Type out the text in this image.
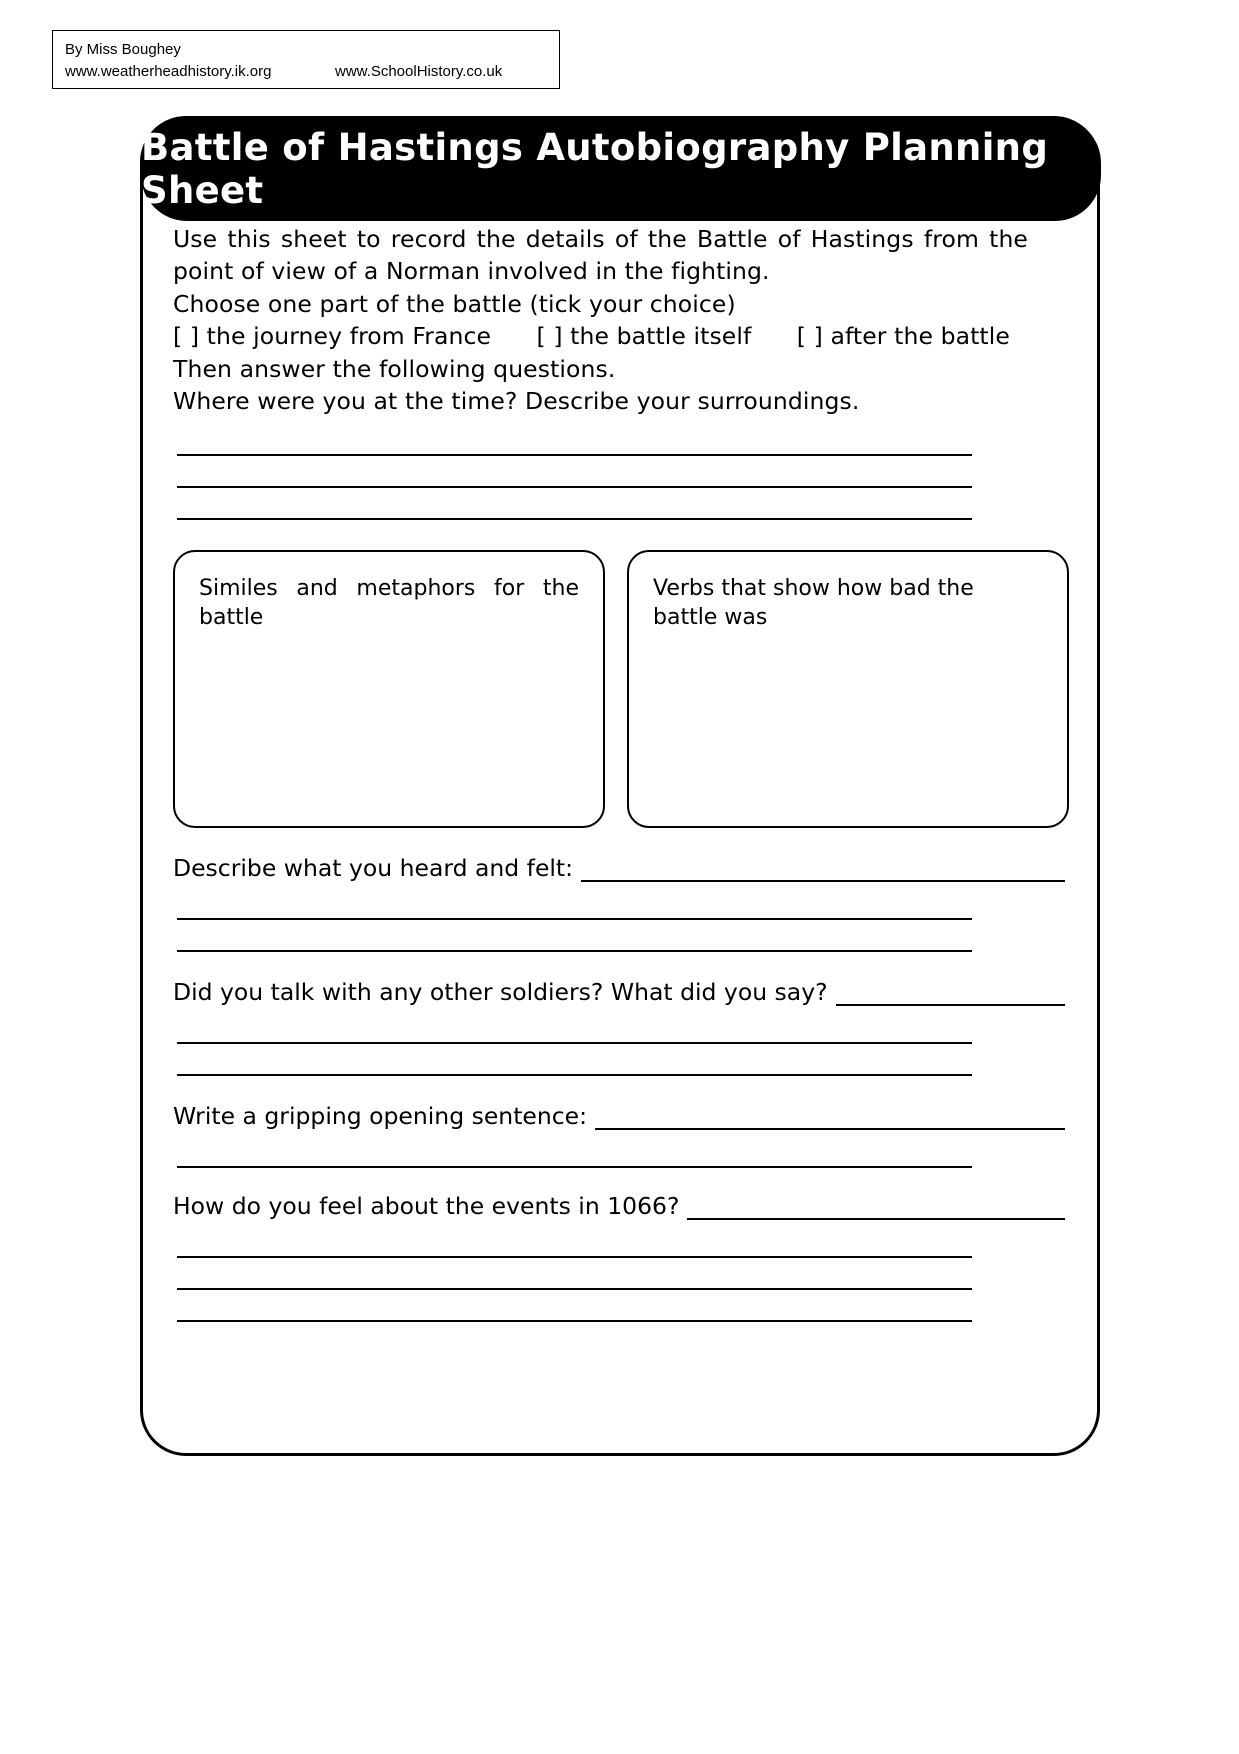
By Miss Boughey
www.weatherheadhistory.ik.org	www.SchoolHistory.co.uk
Battle of Hastings Autobiography Planning Sheet

Use this sheet to record the details of the Battle of Hastings from the point of view of a Norman involved in the fighting.

Choose one part of the battle (tick your choice)

[ ] the journey from France      [ ] the battle itself      [ ] after the battle

Then answer the following questions.

Where were you at the time? Describe your surroundings.

Similes and metaphors for the battle
Verbs that show how bad the battle was
Describe what you heard and felt:
Did you talk with any other soldiers? What did you say?
Write a gripping opening sentence:
How do you feel about the events in 1066?
